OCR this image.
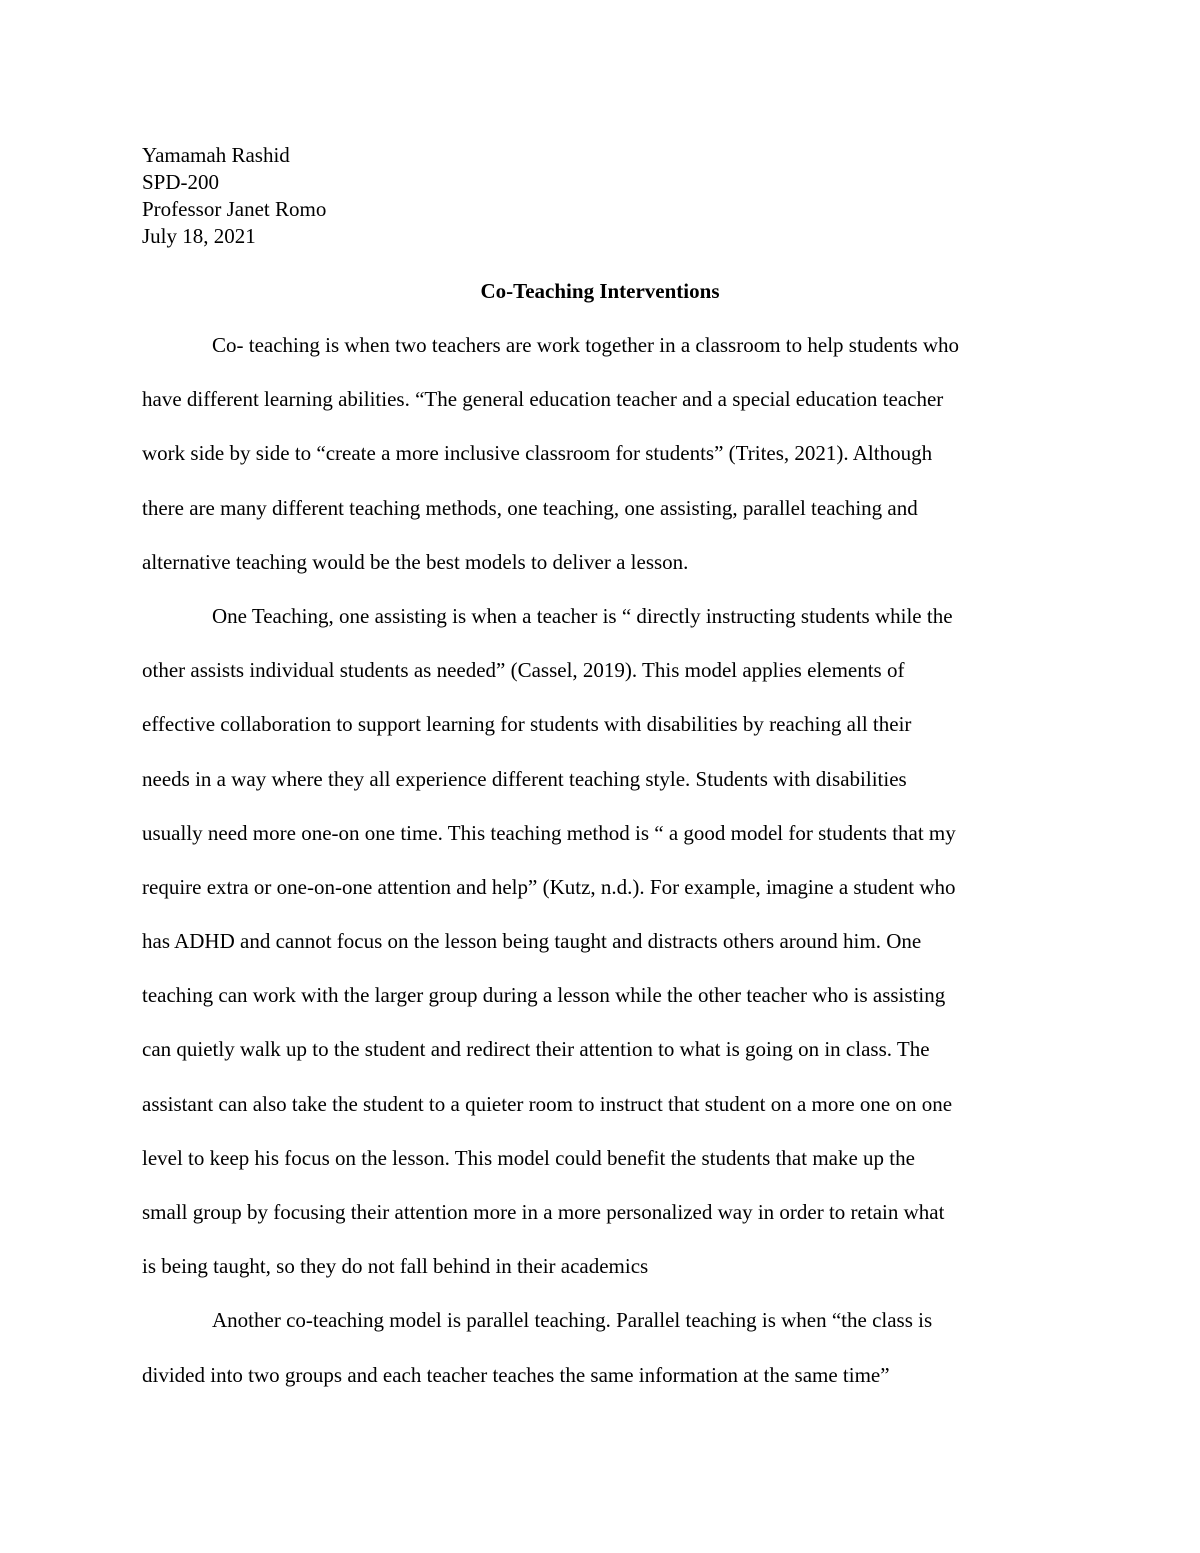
Yamamah Rashid
SPD-200
Professor Janet Romo
July 18, 2021
Co-Teaching Interventions
Co- teaching is when two teachers are work together in a classroom to help students who
have different learning abilities. “The general education teacher and a special education teacher
work side by side to “create a more inclusive classroom for students” (Trites, 2021). Although
there are many different teaching methods, one teaching, one assisting, parallel teaching and
alternative teaching would be the best models to deliver a lesson.
One Teaching, one assisting is when a teacher is “ directly instructing students while the
other assists individual students as needed” (Cassel, 2019). This model applies elements of
effective collaboration to support learning for students with disabilities by reaching all their
needs in a way where they all experience different teaching style. Students with disabilities
usually need more one-on one time. This teaching method is “ a good model for students that my
require extra or one-on-one attention and help” (Kutz, n.d.). For example, imagine a student who
has ADHD and cannot focus on the lesson being taught and distracts others around him. One
teaching can work with the larger group during a lesson while the other teacher who is assisting
can quietly walk up to the student and redirect their attention to what is going on in class. The
assistant can also take the student to a quieter room to instruct that student on a more one on one
level to keep his focus on the lesson. This model could benefit the students that make up the
small group by focusing their attention more in a more personalized way in order to retain what
is being taught, so they do not fall behind in their academics
Another co-teaching model is parallel teaching. Parallel teaching is when “the class is
divided into two groups and each teacher teaches the same information at the same time”
